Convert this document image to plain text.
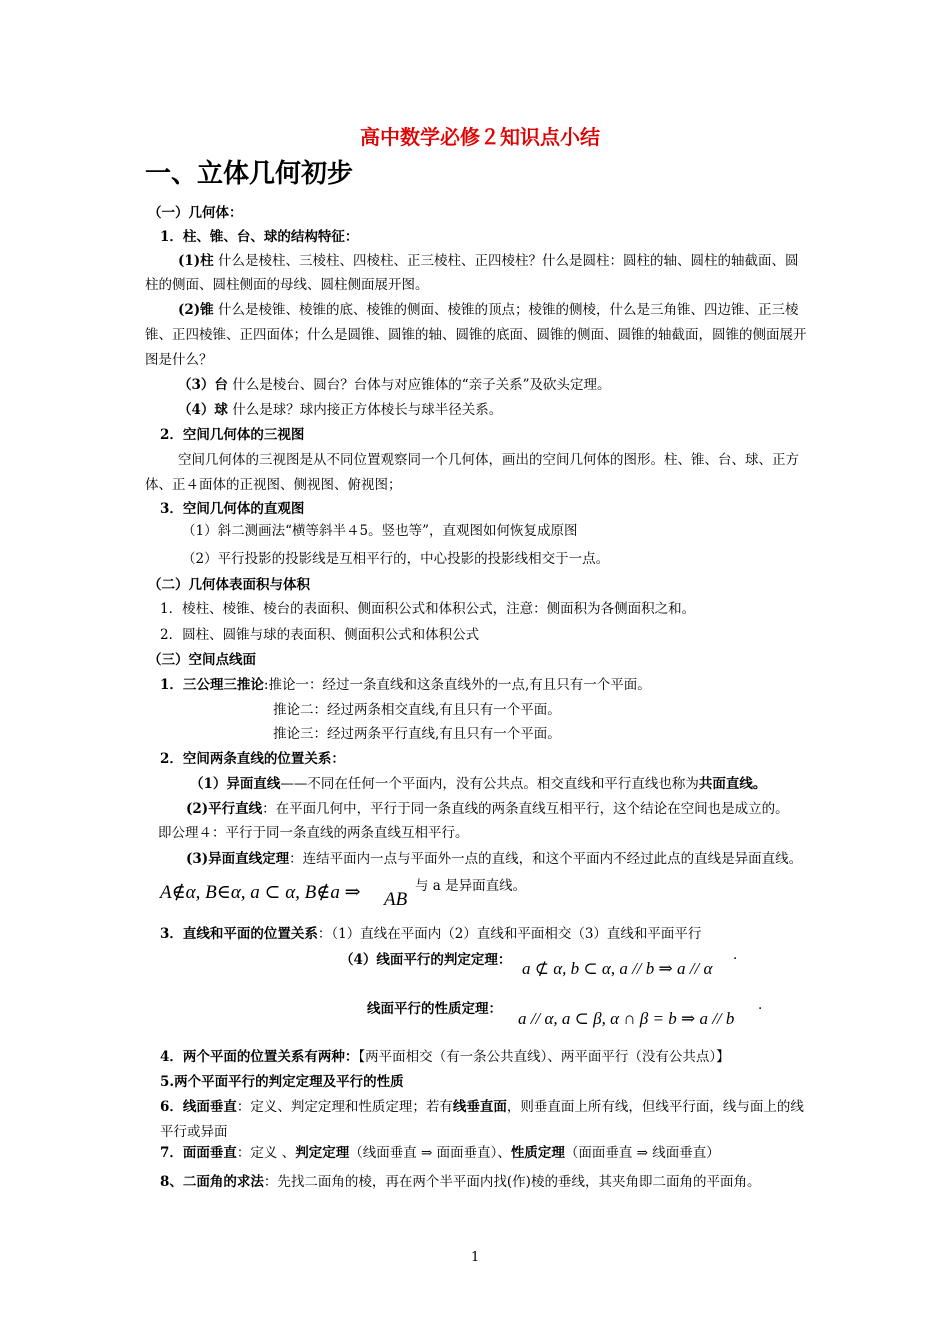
高中数学必修２知识点小结
一、立体几何初步
（一）几何体：
1．柱、锥、台、球的结构特征：
(1)柱 什么是棱柱、三棱柱、四棱柱、正三棱柱、正四棱柱？什么是圆柱：圆柱的轴、圆柱的轴截面、圆
柱的侧面、圆柱侧面的母线、圆柱侧面展开图。
(2)锥 什么是棱锥、棱锥的底、棱锥的侧面、棱锥的顶点；棱锥的侧棱，什么是三角锥、四边锥、正三棱
锥、正四棱锥、正四面体；什么是圆锥、圆锥的轴、圆锥的底面、圆锥的侧面、圆锥的轴截面，圆锥的侧面展开
图是什么？
（3）台 什么是棱台、圆台？台体与对应锥体的“亲子关系”及砍头定理。
（4）球 什么是球？球内接正方体棱长与球半径关系。
2．空间几何体的三视图
空间几何体的三视图是从不同位置观察同一个几何体，画出的空间几何体的图形。柱、锥、台、球、正方
体、正４面体的正视图、侧视图、俯视图；
3．空间几何体的直观图
（1）斜二测画法“横等斜半４5。竖也等”，直观图如何恢复成原图
（2）平行投影的投影线是互相平行的，中心投影的投影线相交于一点。
（二）几何体表面积与体积
1．棱柱、棱锥、棱台的表面积、侧面积公式和体积公式，注意：侧面积为各侧面积之和。
2．圆柱、圆锥与球的表面积、侧面积公式和体积公式
（三）空间点线面
1．三公理三推论:推论一：经过一条直线和这条直线外的一点,有且只有一个平面。
推论二：经过两条相交直线,有且只有一个平面。
推论三：经过两条平行直线,有且只有一个平面。
2．空间两条直线的位置关系：
（1）异面直线——不同在任何一个平面内，没有公共点。相交直线和平行直线也称为共面直线。
(2)平行直线：在平面几何中，平行于同一条直线的两条直线互相平行，这个结论在空间也是成立的。
即公理４：平行于同一条直线的两条直线互相平行。
(3)异面直线定理：连结平面内一点与平面外一点的直线，和这个平面内不经过此点的直线是异面直线。
A∉α, B∈α, a ⊂ α, B∉a ⇒ AB
与 a 是异面直线。
3．直线和平面的位置关系：（1）直线在平面内（2）直线和平面相交（3）直线和平面平行
（4）线面平行的判定定理： a ⊄ α, b ⊂ α, a // b ⇒ a // α ·
线面平行的性质定理： a // α, a ⊂ β, α ∩ β = b ⇒ a // b ·
4．两个平面的位置关系有两种：【两平面相交（有一条公共直线）、两平面平行（没有公共点）】
5.两个平面平行的判定定理及平行的性质
6．线面垂直：定义、判定定理和性质定理；若有线垂直面，则垂直面上所有线，但线平行面，线与面上的线
平行或异面
7．面面垂直：定义 、判定定理（线面垂直 ⇒ 面面垂直）、性质定理（面面垂直 ⇒ 线面垂直）
8、二面角的求法：先找二面角的棱，再在两个半平面内找(作)棱的垂线，其夹角即二面角的平面角。
1
